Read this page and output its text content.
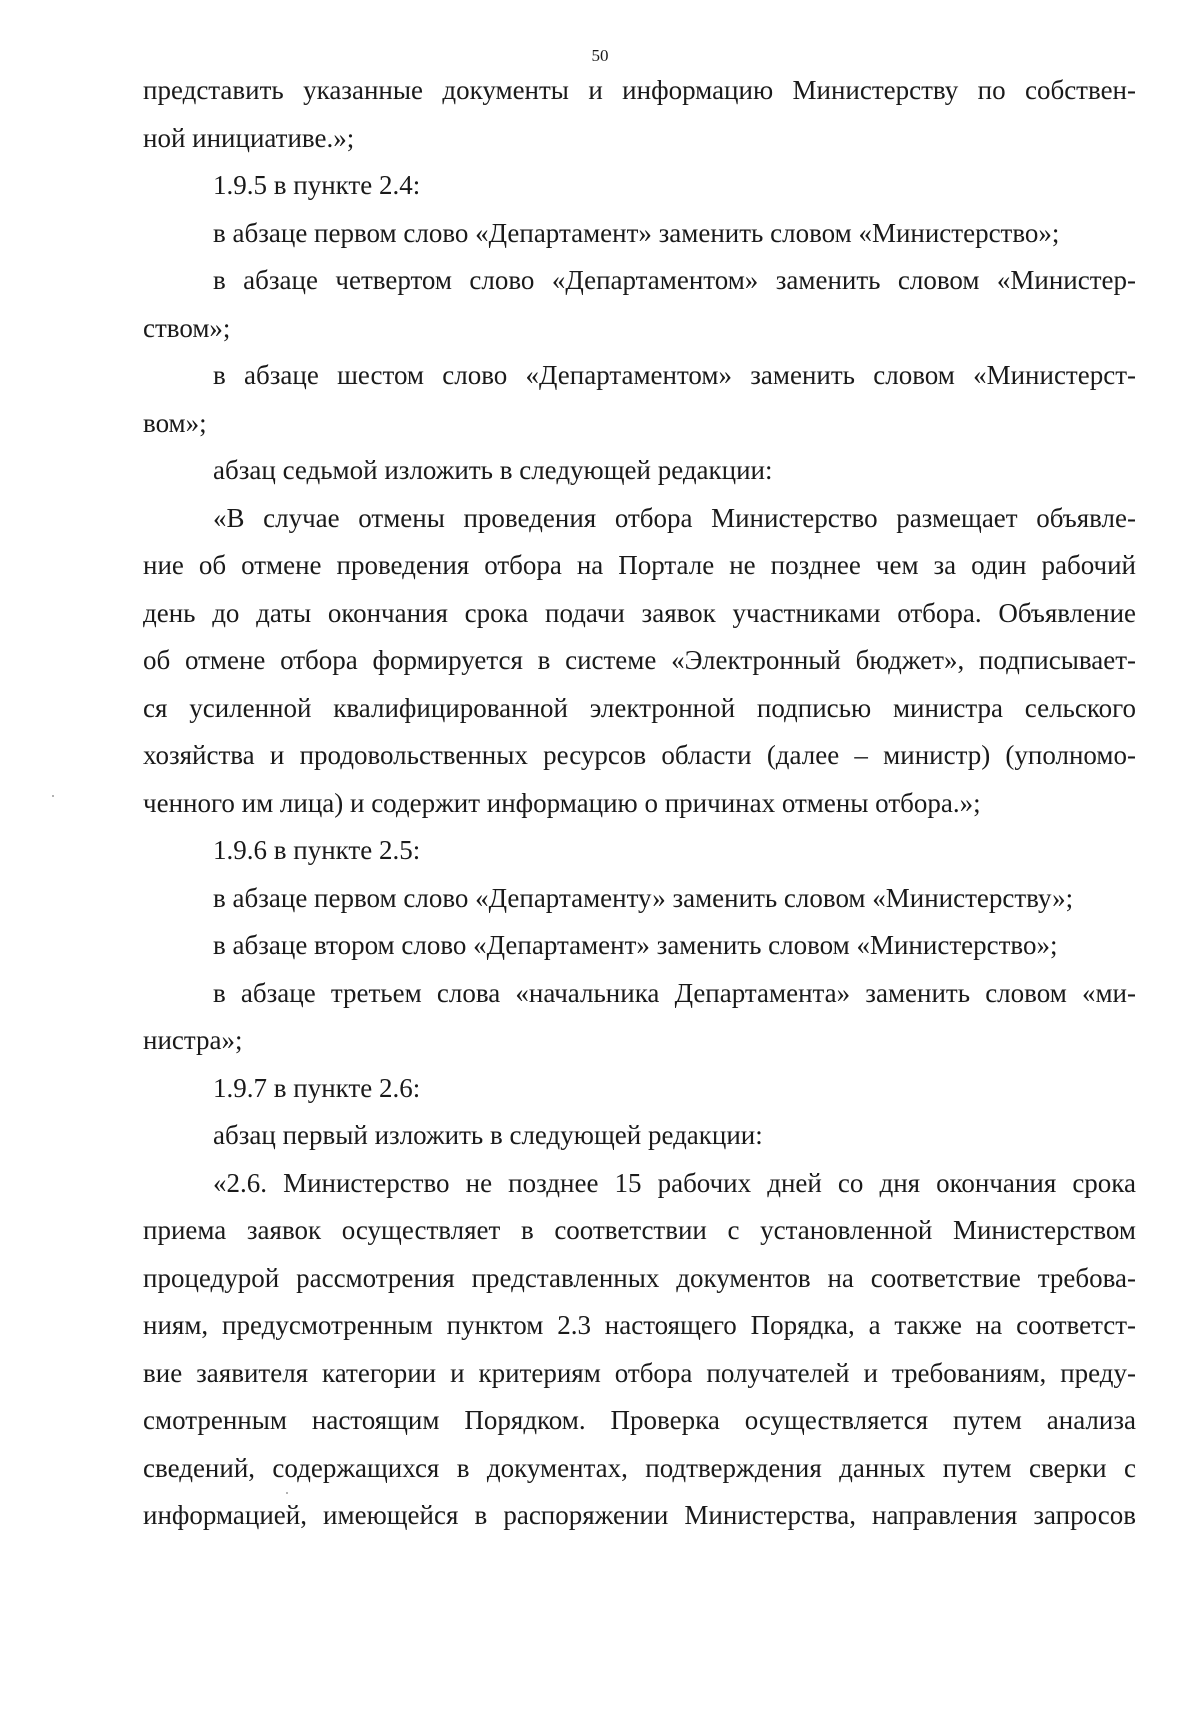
50
представить указанные документы и информацию Министерству по собствен-
ной инициативе.»;
1.9.5 в пункте 2.4:
в абзаце первом слово «Департамент» заменить словом «Министерство»;
в абзаце четвертом слово «Департаментом» заменить словом «Министер-
ством»;
в абзаце шестом слово «Департаментом» заменить словом «Министерст-
вом»;
абзац седьмой изложить в следующей редакции:
«В случае отмены проведения отбора Министерство размещает объявле-
ние об отмене проведения отбора на Портале не позднее чем за один рабочий
день до даты окончания срока подачи заявок участниками отбора. Объявление
об отмене отбора формируется в системе «Электронный бюджет», подписывает-
ся усиленной квалифицированной электронной подписью министра сельского
хозяйства и продовольственных ресурсов области (далее – министр) (уполномо-
ченного им лица) и содержит информацию о причинах отмены отбора.»;
1.9.6 в пункте 2.5:
в абзаце первом слово «Департаменту» заменить словом «Министерству»;
в абзаце втором слово «Департамент» заменить словом «Министерство»;
в абзаце третьем слова «начальника Департамента» заменить словом «ми-
нистра»;
1.9.7 в пункте 2.6:
абзац первый изложить в следующей редакции:
«2.6. Министерство не позднее 15 рабочих дней со дня окончания срока
приема заявок осуществляет в соответствии с установленной Министерством
процедурой рассмотрения представленных документов на соответствие требова-
ниям, предусмотренным пунктом 2.3 настоящего Порядка, а также на соответст-
вие заявителя категории и критериям отбора получателей и требованиям, преду-
смотренным настоящим Порядком. Проверка осуществляется путем анализа
сведений, содержащихся в документах, подтверждения данных путем сверки с
информацией, имеющейся в распоряжении Министерства, направления запросов
